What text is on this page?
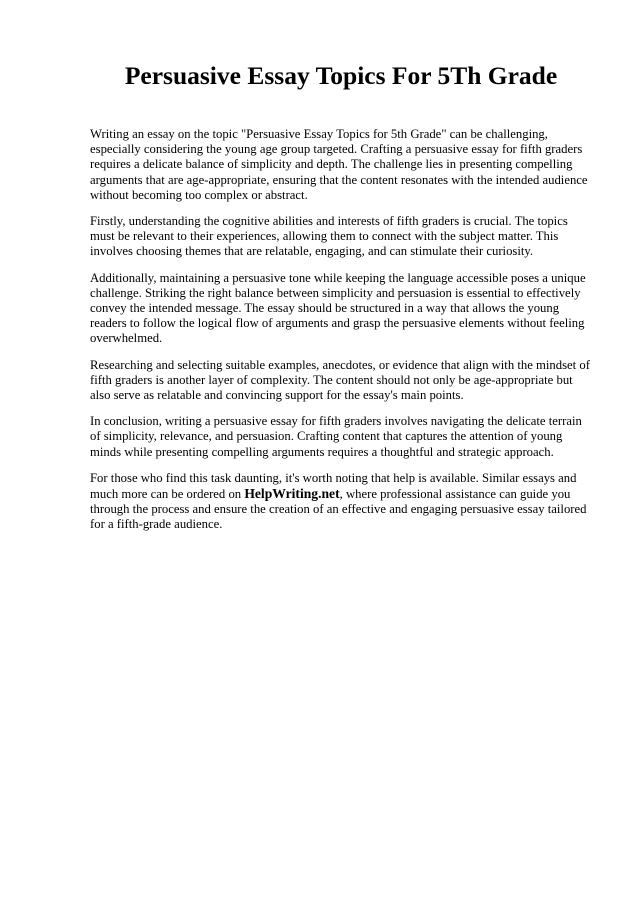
Persuasive Essay Topics For 5Th Grade

Writing an essay on the topic "Persuasive Essay Topics for 5th Grade" can be challenging, especially considering the young age group targeted. Crafting a persuasive essay for fifth graders requires a delicate balance of simplicity and depth. The challenge lies in presenting compelling arguments that are age-appropriate, ensuring that the content resonates with the intended audience without becoming too complex or abstract.

Firstly, understanding the cognitive abilities and interests of fifth graders is crucial. The topics must be relevant to their experiences, allowing them to connect with the subject matter. This involves choosing themes that are relatable, engaging, and can stimulate their curiosity.

Additionally, maintaining a persuasive tone while keeping the language accessible poses a unique challenge. Striking the right balance between simplicity and persuasion is essential to effectively convey the intended message. The essay should be structured in a way that allows the young readers to follow the logical flow of arguments and grasp the persuasive elements without feeling overwhelmed.

Researching and selecting suitable examples, anecdotes, or evidence that align with the mindset of fifth graders is another layer of complexity. The content should not only be age-appropriate but also serve as relatable and convincing support for the essay's main points.

In conclusion, writing a persuasive essay for fifth graders involves navigating the delicate terrain of simplicity, relevance, and persuasion. Crafting content that captures the attention of young minds while presenting compelling arguments requires a thoughtful and strategic approach.

For those who find this task daunting, it's worth noting that help is available. Similar essays and much more can be ordered on HelpWriting.net, where professional assistance can guide you through the process and ensure the creation of an effective and engaging persuasive essay tailored for a fifth-grade audience.
